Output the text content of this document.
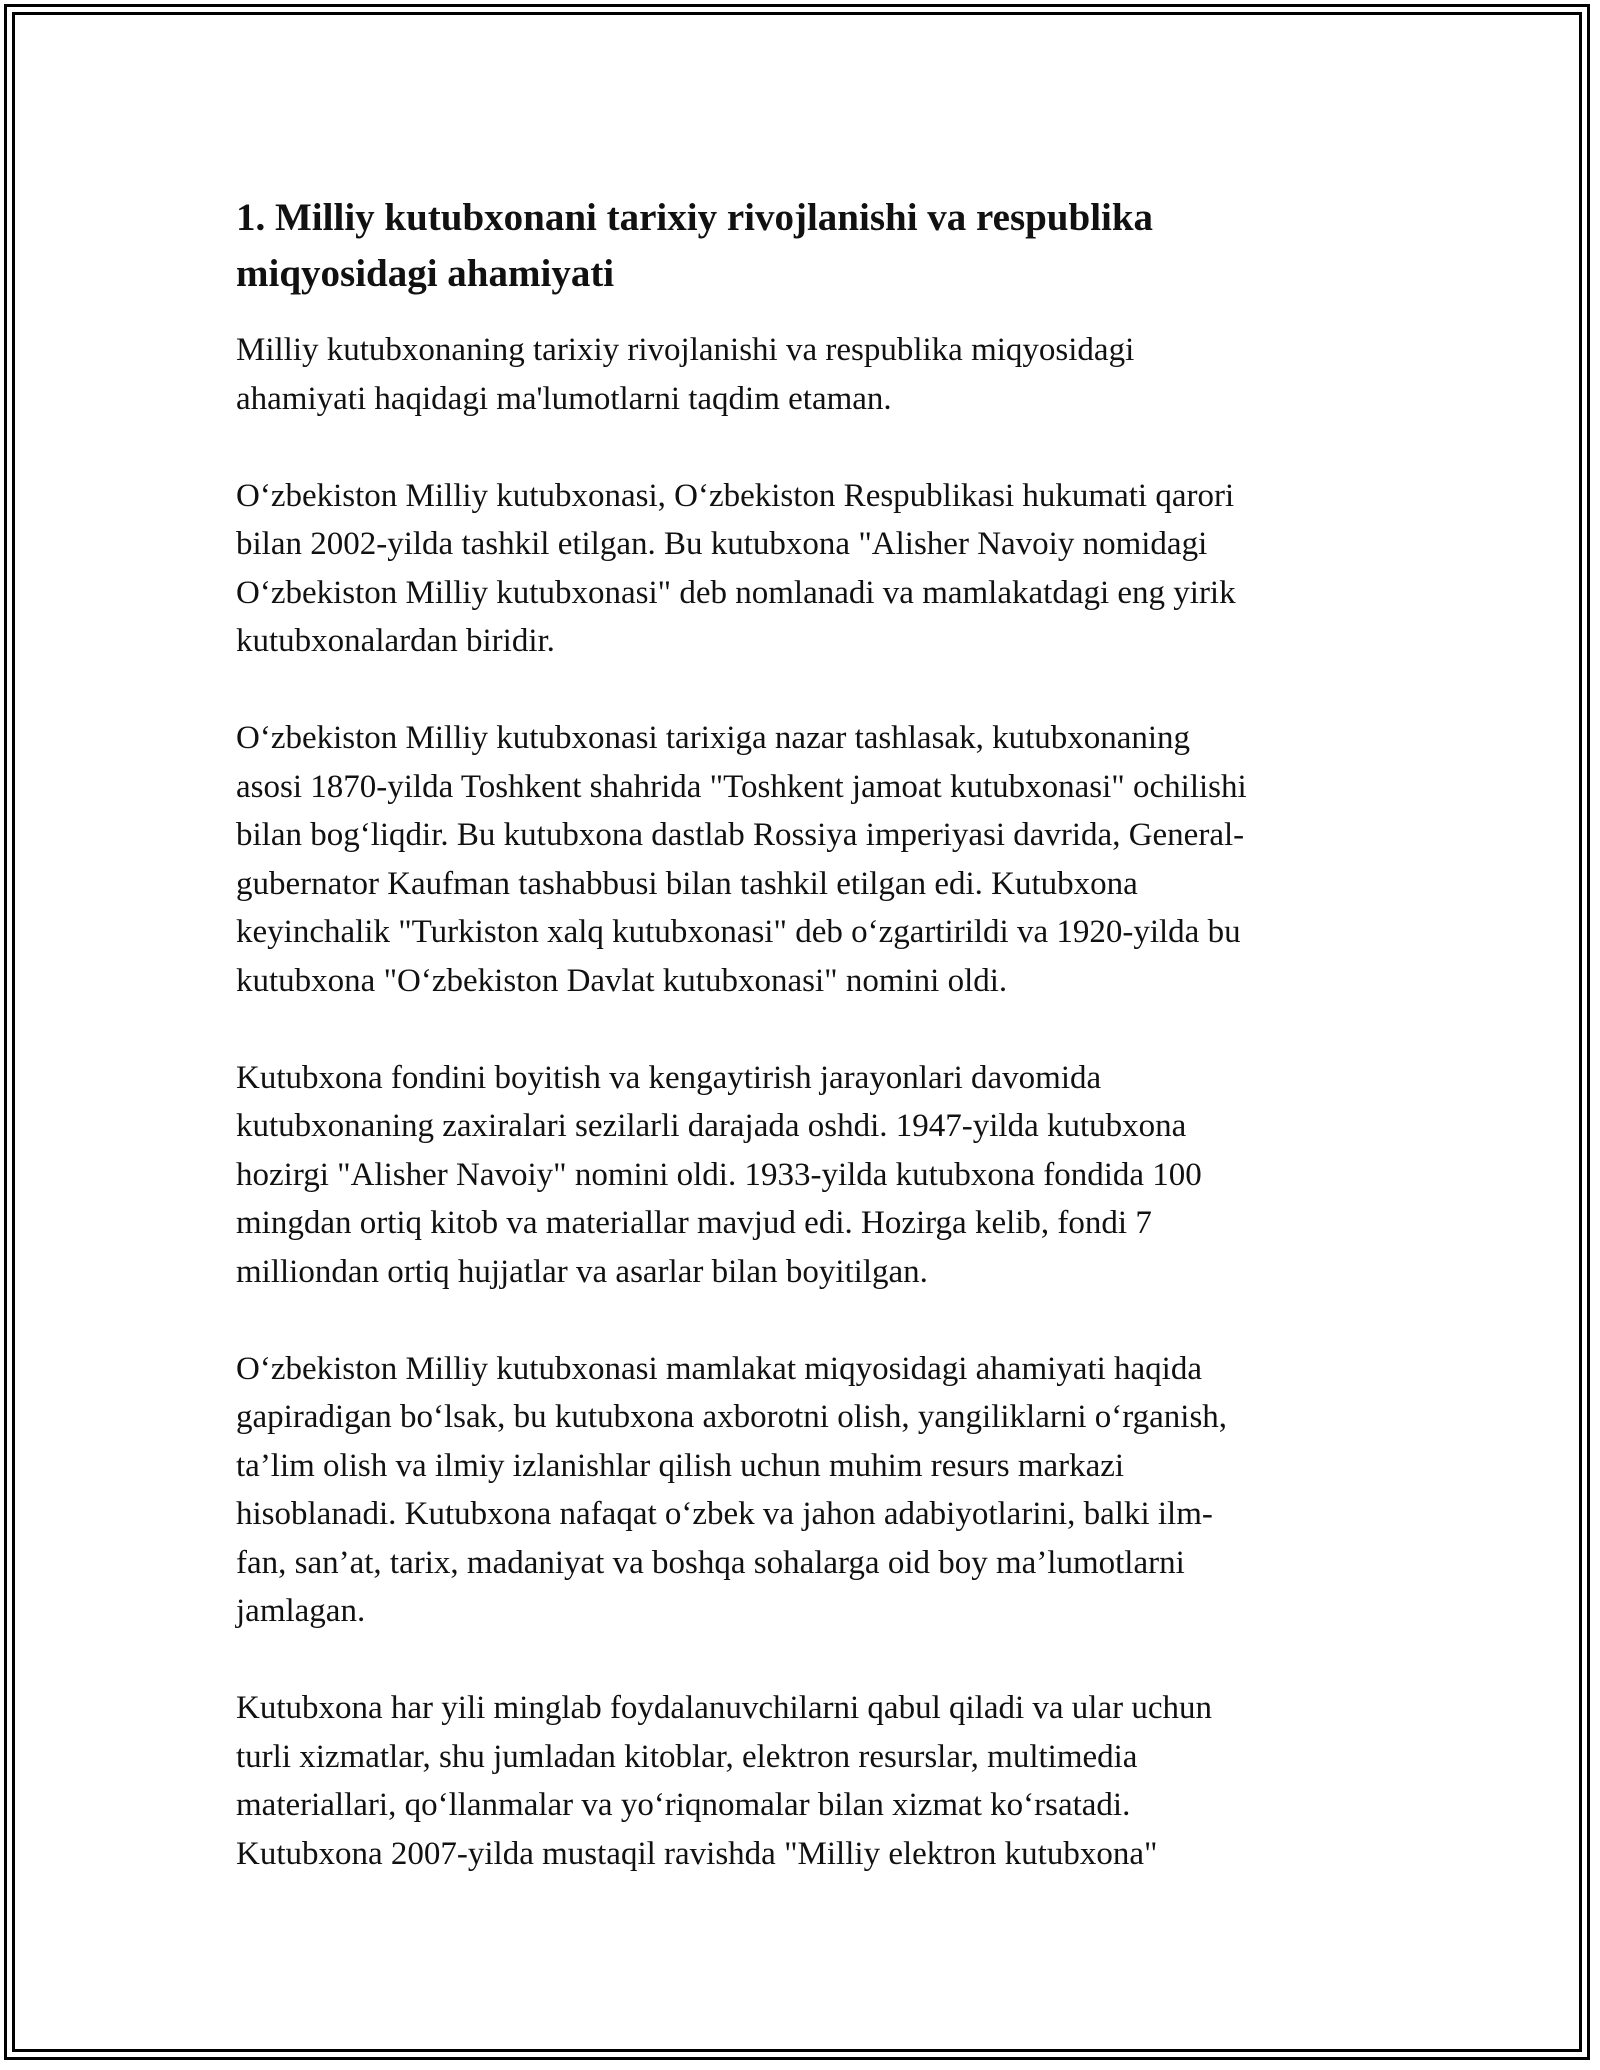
1. Milliy kutubxonani tarixiy rivojlanishi va respublika
miqyosidagi ahamiyati

Milliy kutubxonaning tarixiy rivojlanishi va respublika miqyosidagi
ahamiyati haqidagi ma'lumotlarni taqdim etaman.

O‘zbekiston Milliy kutubxonasi, O‘zbekiston Respublikasi hukumati qarori
bilan 2002-yilda tashkil etilgan. Bu kutubxona "Alisher Navoiy nomidagi
O‘zbekiston Milliy kutubxonasi" deb nomlanadi va mamlakatdagi eng yirik
kutubxonalardan biridir.

O‘zbekiston Milliy kutubxonasi tarixiga nazar tashlasak, kutubxonaning
asosi 1870-yilda Toshkent shahrida "Toshkent jamoat kutubxonasi" ochilishi
bilan bog‘liqdir. Bu kutubxona dastlab Rossiya imperiyasi davrida, General-
gubernator Kaufman tashabbusi bilan tashkil etilgan edi. Kutubxona
keyinchalik "Turkiston xalq kutubxonasi" deb o‘zgartirildi va 1920-yilda bu
kutubxona "O‘zbekiston Davlat kutubxonasi" nomini oldi.

Kutubxona fondini boyitish va kengaytirish jarayonlari davomida
kutubxonaning zaxiralari sezilarli darajada oshdi. 1947-yilda kutubxona
hozirgi "Alisher Navoiy" nomini oldi. 1933-yilda kutubxona fondida 100
mingdan ortiq kitob va materiallar mavjud edi. Hozirga kelib, fondi 7
milliondan ortiq hujjatlar va asarlar bilan boyitilgan.

O‘zbekiston Milliy kutubxonasi mamlakat miqyosidagi ahamiyati haqida
gapiradigan bo‘lsak, bu kutubxona axborotni olish, yangiliklarni o‘rganish,
ta’lim olish va ilmiy izlanishlar qilish uchun muhim resurs markazi
hisoblanadi. Kutubxona nafaqat o‘zbek va jahon adabiyotlarini, balki ilm-
fan, san’at, tarix, madaniyat va boshqa sohalarga oid boy ma’lumotlarni
jamlagan.

Kutubxona har yili minglab foydalanuvchilarni qabul qiladi va ular uchun
turli xizmatlar, shu jumladan kitoblar, elektron resurslar, multimedia
materiallari, qo‘llanmalar va yo‘riqnomalar bilan xizmat ko‘rsatadi.
Kutubxona 2007-yilda mustaqil ravishda "Milliy elektron kutubxona"
